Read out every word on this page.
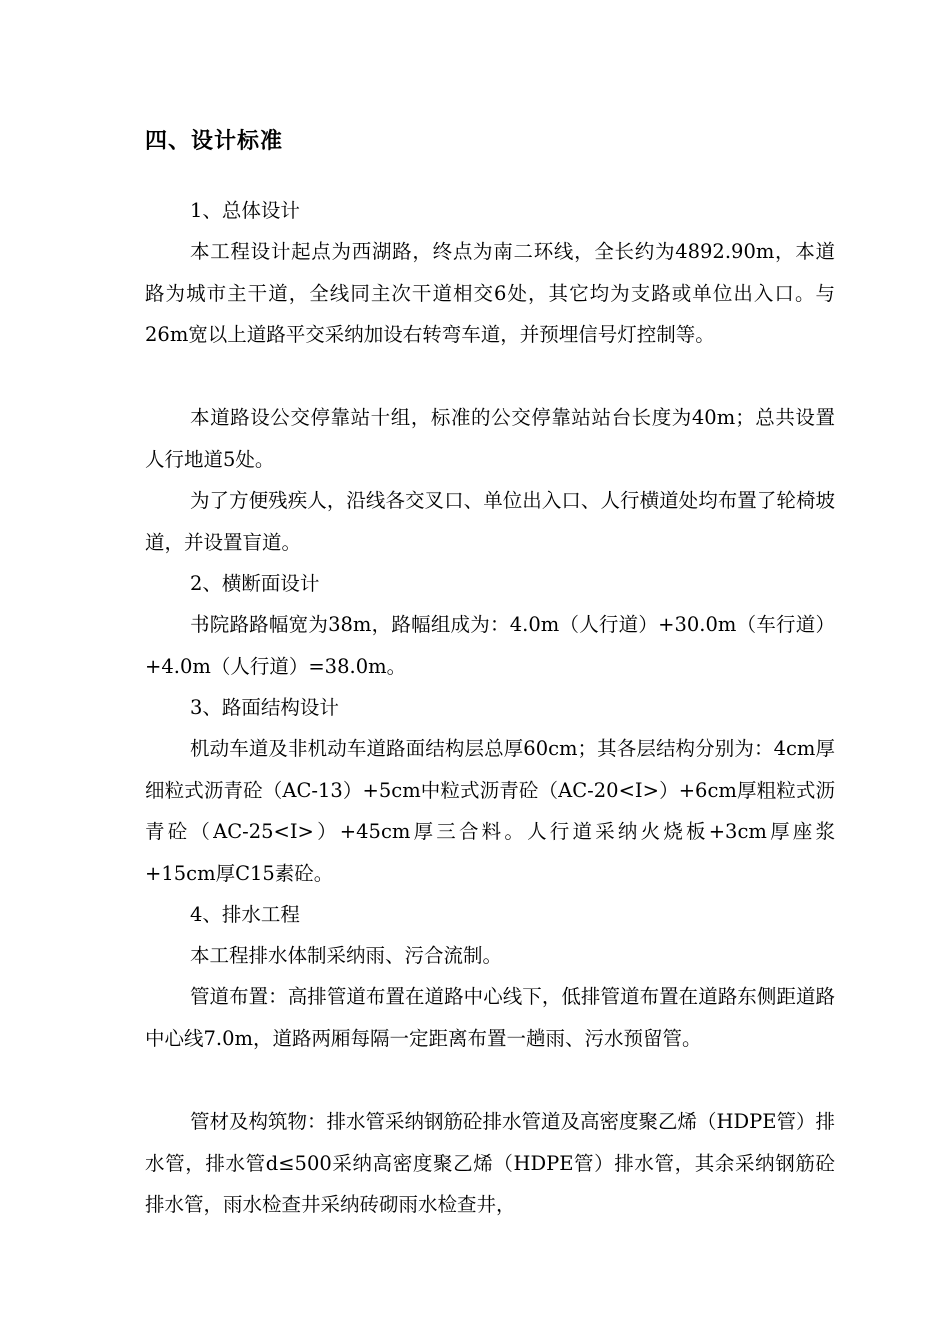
四、设计标准

1、总体设计

本工程设计起点为西湖路，终点为南二环线，全长约为4892.90m，本道路为城市主干道，全线同主次干道相交6处，其它均为支路或单位出入口。与26m宽以上道路平交采纳加设右转弯车道，并预埋信号灯控制等。

本道路设公交停靠站十组，标准的公交停靠站站台长度为40m；总共设置人行地道5处。

为了方便残疾人，沿线各交叉口、单位出入口、人行横道处均布置了轮椅坡道，并设置盲道。

2、横断面设计

书院路路幅宽为38m，路幅组成为：4.0m（人行道）+30.0m（车行道）+4.0m（人行道）=38.0m。

3、路面结构设计

机动车道及非机动车道路面结构层总厚60cm；其各层结构分别为：4cm厚细粒式沥青砼（AC-13）+5cm中粒式沥青砼（AC-20<I>）+6cm厚粗粒式沥青砼（AC-25<I>）+45cm厚三合料。人行道采纳火烧板+3cm厚座浆+15cm厚C15素砼。

4、排水工程

本工程排水体制采纳雨、污合流制。

管道布置：高排管道布置在道路中心线下，低排管道布置在道路东侧距道路中心线7.0m，道路两厢每隔一定距离布置一趟雨、污水预留管。

管材及构筑物：排水管采纳钢筋砼排水管道及高密度聚乙烯（HDPE管）排水管，排水管d≤500采纳高密度聚乙烯（HDPE管）排水管，其余采纳钢筋砼排水管，雨水检查井采纳砖砌雨水检查井，
